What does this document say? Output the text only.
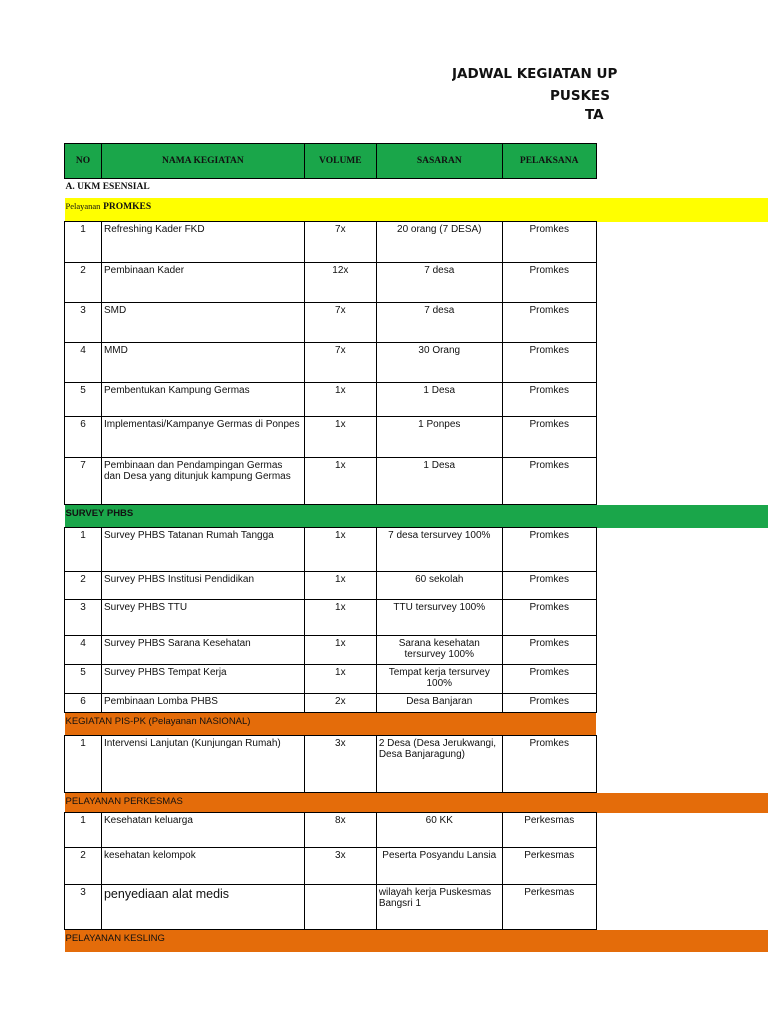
JADWAL KEGIATAN UP
PUSKES
TA
NO	NAMA KEGIATAN	VOLUME	SASARAN	PELAKSANA	
A. UKM ESENSIAL					
Pelayanan PROMKES					
1	Refreshing Kader FKD	7x	20 orang (7 DESA)	Promkes	
2	Pembinaan Kader	12x	7 desa	Promkes	
3	SMD	7x	7 desa	Promkes	
4	MMD	7x	30 Orang	Promkes	
5	Pembentukan Kampung Germas	1x	1 Desa	Promkes	
6	Implementasi/Kampanye Germas di Ponpes	1x	1 Ponpes	Promkes	
7	Pembinaan dan Pendampingan Germas dan Desa yang ditunjuk kampung Germas	1x	1 Desa	Promkes	
SURVEY PHBS					
1	Survey PHBS Tatanan Rumah Tangga	1x	7 desa tersurvey 100%	Promkes	
2	Survey PHBS Institusi Pendidikan	1x	60 sekolah	Promkes	
3	Survey PHBS TTU	1x	TTU tersurvey 100%	Promkes	
4	Survey PHBS Sarana Kesehatan	1x	Sarana kesehatan tersurvey 100%	Promkes	
5	Survey PHBS Tempat Kerja	1x	Tempat kerja tersurvey 100%	Promkes	
6	Pembinaan Lomba PHBS	2x	Desa Banjaran	Promkes	
KEGIATAN PIS-PK (Pelayanan NASIONAL)					
1	Intervensi Lanjutan (Kunjungan Rumah)	3x	2 Desa (Desa Jerukwangi, Desa Banjaragung)	Promkes	
PELAYANAN PERKESMAS					
1	Kesehatan keluarga	8x	60 KK	Perkesmas	
2	kesehatan kelompok	3x	Peserta Posyandu Lansia	Perkesmas	
3	penyediaan alat medis		wilayah kerja Puskesmas Bangsri 1	Perkesmas	
PELAYANAN KESLING					
